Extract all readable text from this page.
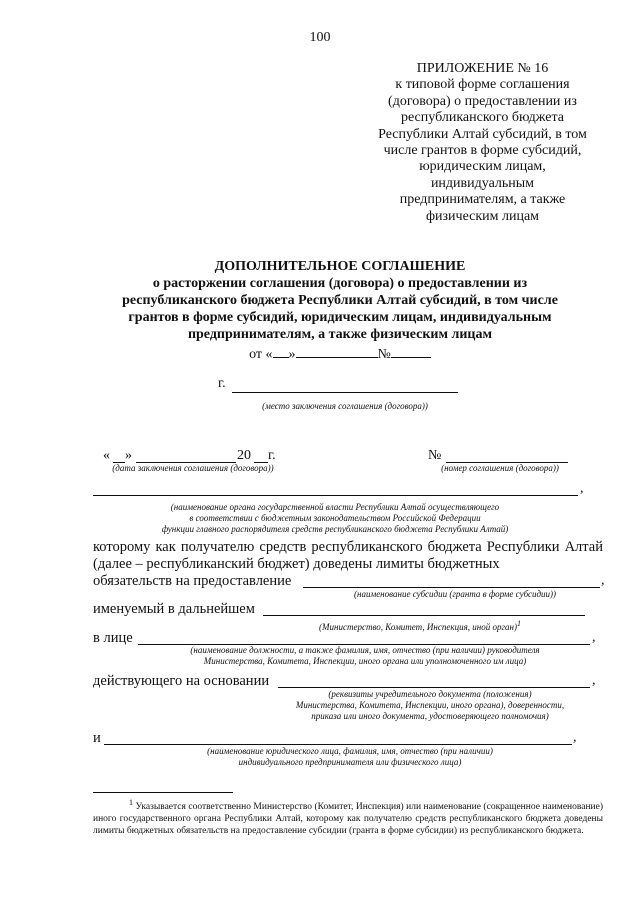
100
ПРИЛОЖЕНИЕ № 16
к типовой форме соглашения
(договора) о предоставлении из
республиканского бюджета
Республики Алтай субсидий, в том
числе грантов в форме субсидий,
юридическим лицам,
индивидуальным
предпринимателям, а также
физическим лицам
ДОПОЛНИТЕЛЬНОЕ СОГЛАШЕНИЕ
о расторжении соглашения (договора) о предоставлении из
республиканского бюджета Республики Алтай субсидий, в том числе
грантов в форме субсидий, юридическим лицам, индивидуальным
предпринимателям, а также физическим лицам
от « »	№
г.
(место заключения соглашения (договора))
« »	20 г.
(дата заключения соглашения (договора))
№
(номер соглашения (договора))
,
(наименование органа государственной власти Республики Алтай осуществляющего
в соответствии с бюджетным законодательством Российской Федерации
функции главного распорядителя средств республиканского бюджета Республики Алтай)
которому как получателю средств республиканского бюджета Республики Алтай (далее – республиканский бюджет) доведены лимиты бюджетных
обязательств на предоставление	,
(наименование субсидии (гранта в форме субсидии))
именуемый в дальнейшем
(Министерство, Комитет, Инспекция, иной орган)$^1$
в лице	,
(наименование должности, а также фамилия, имя, отчество (при наличии) руководителя
Министерства, Комитета, Инспекции, иного органа или уполномоченного им лица)
действующего на основании	,
(реквизиты учредительного документа (положения)
Министерства, Комитета, Инспекции, иного органа), доверенности,
приказа или иного документа, удостоверяющего полномочия)
и	,
(наименование юридического лица, фамилия, имя, отчество (при наличии)
индивидуального предпринимателя или физического лица)
$^1$ Указывается соответственно Министерство (Комитет, Инспекция) или наименование (сокращенное наименование) иного государственного органа Республики Алтай, которому как получателю средств республиканского бюджета доведены лимиты бюджетных обязательств на предоставление субсидии (гранта в форме субсидии) из республиканского бюджета.
